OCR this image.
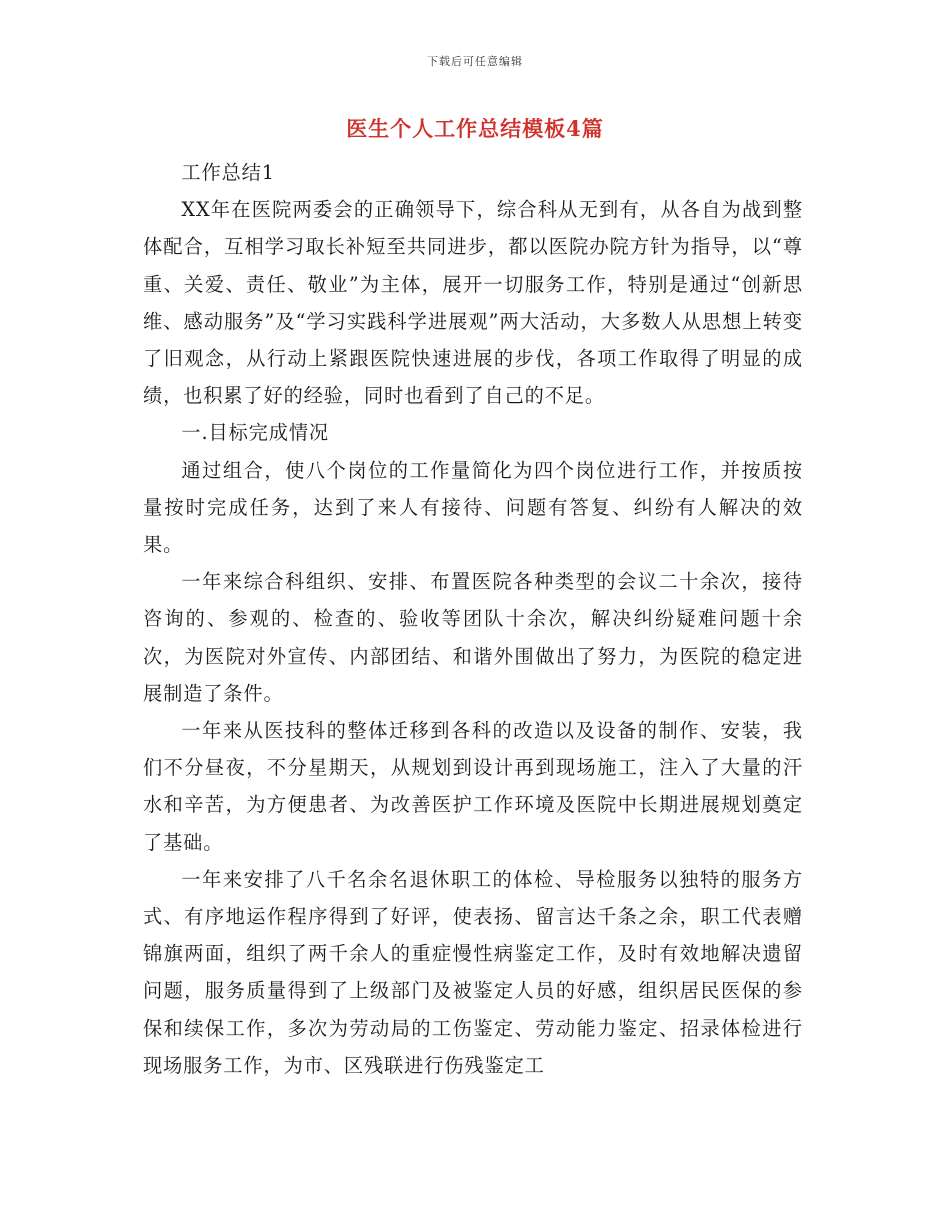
下载后可任意编辑
医生个人工作总结模板4篇

工作总结1

XX年在医院两委会的正确领导下，综合科从无到有，从各自为战到整体配合，互相学习取长补短至共同进步，都以医院办院方针为指导，以“尊重、关爱、责任、敬业”为主体，展开一切服务工作，特别是通过“创新思维、感动服务”及“学习实践科学进展观”两大活动，大多数人从思想上转变了旧观念，从行动上紧跟医院快速进展的步伐，各项工作取得了明显的成绩，也积累了好的经验，同时也看到了自己的不足。

一.目标完成情况

通过组合，使八个岗位的工作量简化为四个岗位进行工作，并按质按量按时完成任务，达到了来人有接待、问题有答复、纠纷有人解决的效果。

一年来综合科组织、安排、布置医院各种类型的会议二十余次，接待咨询的、参观的、检查的、验收等团队十余次，解决纠纷疑难问题十余次，为医院对外宣传、内部团结、和谐外围做出了努力，为医院的稳定进展制造了条件。

一年来从医技科的整体迁移到各科的改造以及设备的制作、安装，我们不分昼夜，不分星期天，从规划到设计再到现场施工，注入了大量的汗水和辛苦，为方便患者、为改善医护工作环境及医院中长期进展规划奠定了基础。

一年来安排了八千名余名退休职工的体检、导检服务以独特的服务方式、有序地运作程序得到了好评，使表扬、留言达千条之余，职工代表赠锦旗两面，组织了两千余人的重症慢性病鉴定工作，及时有效地解决遗留问题，服务质量得到了上级部门及被鉴定人员的好感，组织居民医保的参保和续保工作，多次为劳动局的工伤鉴定、劳动能力鉴定、招录体检进行现场服务工作，为市、区残联进行伤残鉴定工
